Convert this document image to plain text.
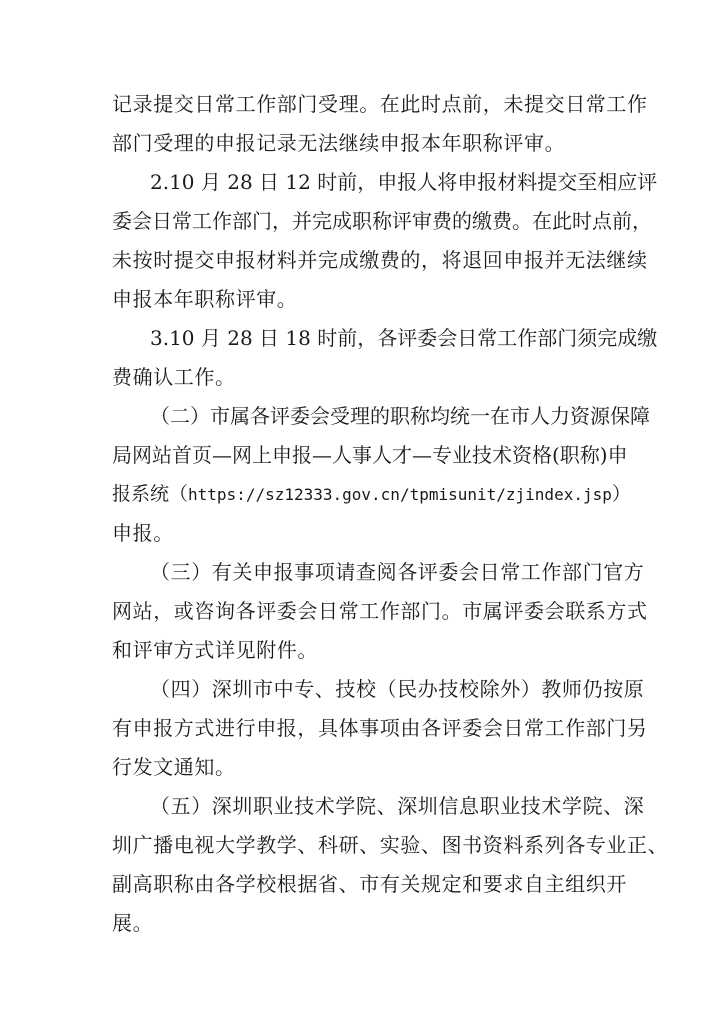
记录提交日常工作部门受理。在此时点前，未提交日常工作
部门受理的申报记录无法继续申报本年职称评审。
2.10 月 28 日 12 时前，申报人将申报材料提交至相应评
委会日常工作部门，并完成职称评审费的缴费。在此时点前，
未按时提交申报材料并完成缴费的，将退回申报并无法继续
申报本年职称评审。
3.10 月 28 日 18 时前，各评委会日常工作部门须完成缴
费确认工作。
（二）市属各评委会受理的职称均统一在市人力资源保障
局网站首页—网上申报—人事人才—专业技术资格(职称)申
报系统（https://sz12333.gov.cn/tpmisunit/zjindex.jsp）
申报。
（三）有关申报事项请查阅各评委会日常工作部门官方
网站，或咨询各评委会日常工作部门。市属评委会联系方式
和评审方式详见附件。
（四）深圳市中专、技校（民办技校除外）教师仍按原
有申报方式进行申报，具体事项由各评委会日常工作部门另
行发文通知。
（五）深圳职业技术学院、深圳信息职业技术学院、深
圳广播电视大学教学、科研、实验、图书资料系列各专业正、
副高职称由各学校根据省、市有关规定和要求自主组织开
展。
